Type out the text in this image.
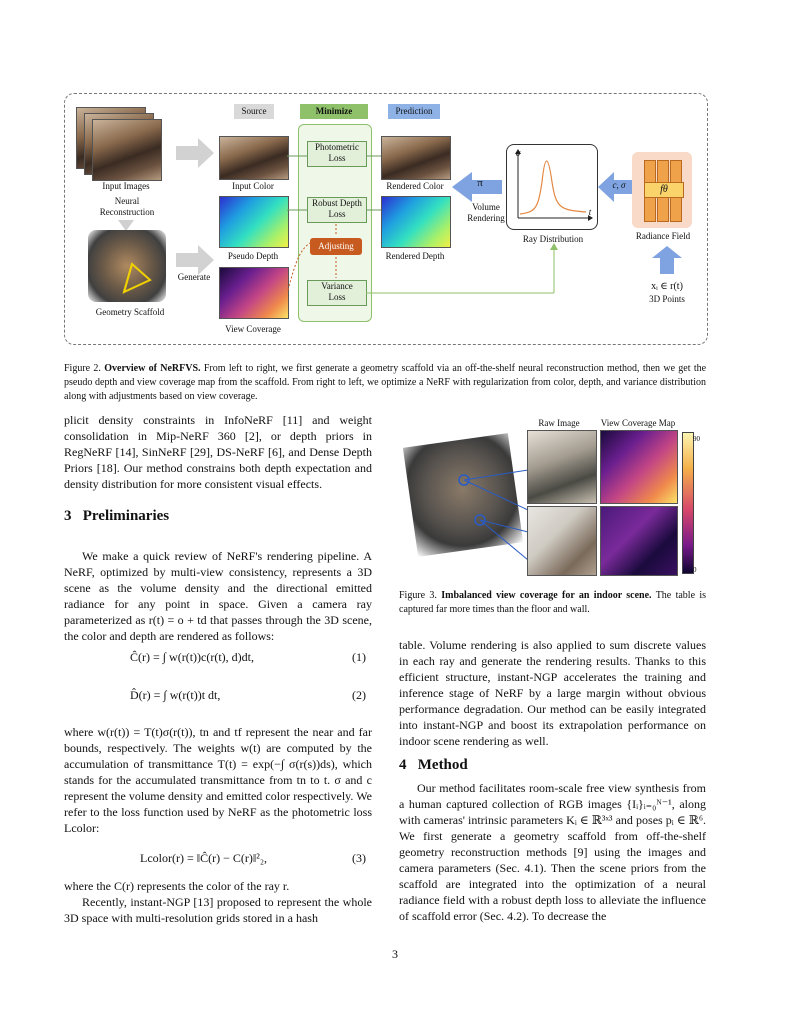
Source	Minimize	Prediction
Input Images
Neural
Reconstruction
Geometry Scaffold
Generate
Input Color
Pseudo Depth
View Coverage
Photometric
Loss
Robust Depth
Loss
Adjusting
Variance
Loss
Rendered Color
Rendered Depth
π
Volume
Rendering
σ
t
Ray Distribution
c, σ	fθ
Radiance Field
xᵢ ∈ r(t)
3D Points
Figure 2. Overview of NeRFVS. From left to right, we first generate a geometry scaffold via an off-the-shelf neural reconstruction method, then we get the pseudo depth and view coverage map from the scaffold. From right to left, we optimize a NeRF with regularization from color, depth, and variance distribution along with adjustments based on view coverage.
plicit density constraints in InfoNeRF [11] and weight consolidation in Mip-NeRF 360 [2], or depth priors in RegNeRF [14], SinNeRF [29], DS-NeRF [6], and Dense Depth Priors [18]. Our method constrains both depth expectation and density distribution for more consistent visual effects.
3   Preliminaries
We make a quick review of NeRF's rendering pipeline. A NeRF, optimized by multi-view consistency, represents a 3D scene as the volume density and the directional emitted radiance for any point in space. Given a camera ray parameterized as r(t) = o + td that passes through the 3D scene, the color and depth are rendered as follows:
Ĉ(r) = ∫ w(r(t))c(r(t), d)dt,	(1)
D̂(r) = ∫ w(r(t))t dt,	(2)
where w(r(t)) = T(t)σ(r(t)), tn and tf represent the near and far bounds, respectively. The weights w(t) are computed by the accumulation of transmittance T(t) = exp(−∫ σ(r(s))ds), which stands for the accumulated transmittance from tn to t. σ and c represent the volume density and emitted color respectively. We refer to the loss function used by NeRF as the photometric loss Lcolor:
Lcolor(r) = ‖Ĉ(r) − C(r)‖²₂,	(3)
where the C(r) represents the color of the ray r.
Recently, instant-NGP [13] proposed to represent the whole 3D space with multi-resolution grids stored in a hash
Raw Image	View Coverage Map
90
0
Figure 3. Imbalanced view coverage for an indoor scene. The table is captured far more times than the floor and wall.
table. Volume rendering is also applied to sum discrete values in each ray and generate the rendering results. Thanks to this efficient structure, instant-NGP accelerates the training and inference stage of NeRF by a large margin without obvious performance degradation. Our method can be easily integrated into instant-NGP and boost its extrapolation performance on indoor scene rendering as well.
4   Method
Our method facilitates room-scale free view synthesis from a human captured collection of RGB images {Iᵢ}ᵢ₌₀ᴺ⁻¹, along with cameras' intrinsic parameters Kᵢ ∈ ℝ³ˣ³ and poses pᵢ ∈ ℝ⁶. We first generate a geometry scaffold from off-the-shelf geometry reconstruction methods [9] using the images and camera parameters (Sec. 4.1). Then the scene priors from the scaffold are integrated into the optimization of a neural radiance field with a robust depth loss to alleviate the influence of scaffold error (Sec. 4.2). To decrease the
3
